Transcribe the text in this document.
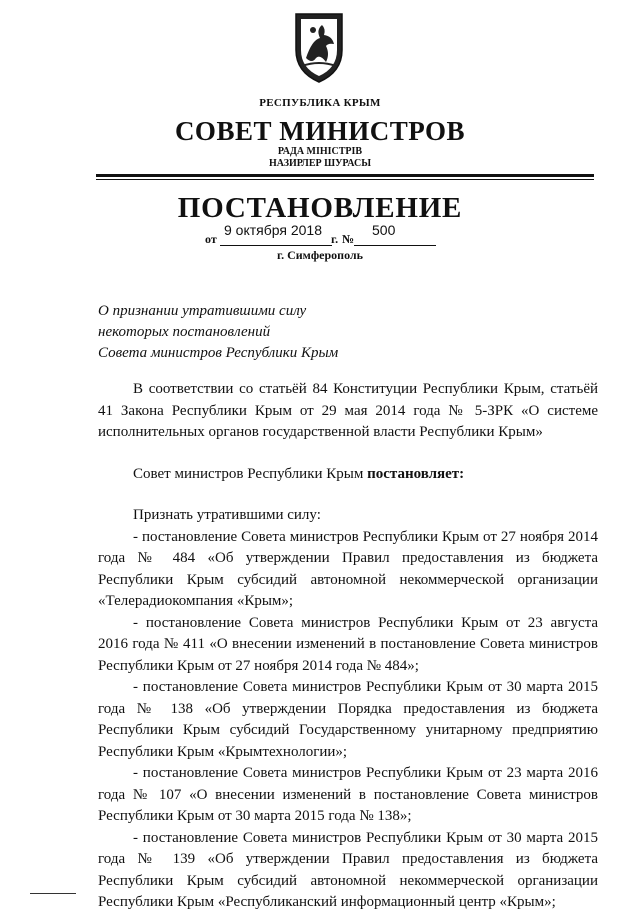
РЕСПУБЛИКА КРЫМ
СОВЕТ МИНИСТРОВ
РАДА МІНІСТРІВ
НАЗИРЛЕР ШУРАСЫ
ПОСТАНОВЛЕНИЕ
от
9 октября 2018
г. №
500
г. Симферополь
О признании утратившими силу
некоторых постановлений
Совета министров Республики Крым

В соответствии со статьёй 84 Конституции Республики Крым, статьёй 41 Закона Республики Крым от 29 мая 2014 года № 5-ЗРК «О системе исполнительных органов государственной власти Республики Крым»

Совет министров Республики Крым постановляет:

Признать утратившими силу:

- постановление Совета министров Республики Крым от 27 ноября 2014 года № 484 «Об утверждении Правил предоставления из бюджета Республики Крым субсидий автономной некоммерческой организации «Телерадиокомпания «Крым»;

- постановление Совета министров Республики Крым от 23 августа 2016 года № 411 «О внесении изменений в постановление Совета министров Республики Крым от 27 ноября 2014 года № 484»;

- постановление Совета министров Республики Крым от 30 марта 2015 года № 138 «Об утверждении Порядка предоставления из бюджета Республики Крым субсидий Государственному унитарному предприятию Республики Крым «Крымтехнологии»;

- постановление Совета министров Республики Крым от 23 марта 2016 года № 107 «О внесении изменений в постановление Совета министров Республики Крым от 30 марта 2015 года № 138»;

- постановление Совета министров Республики Крым от 30 марта 2015 года № 139 «Об утверждении Правил предоставления из бюджета Республики Крым субсидий автономной некоммерческой организации Республики Крым «Республиканский информационный центр «Крым»;
